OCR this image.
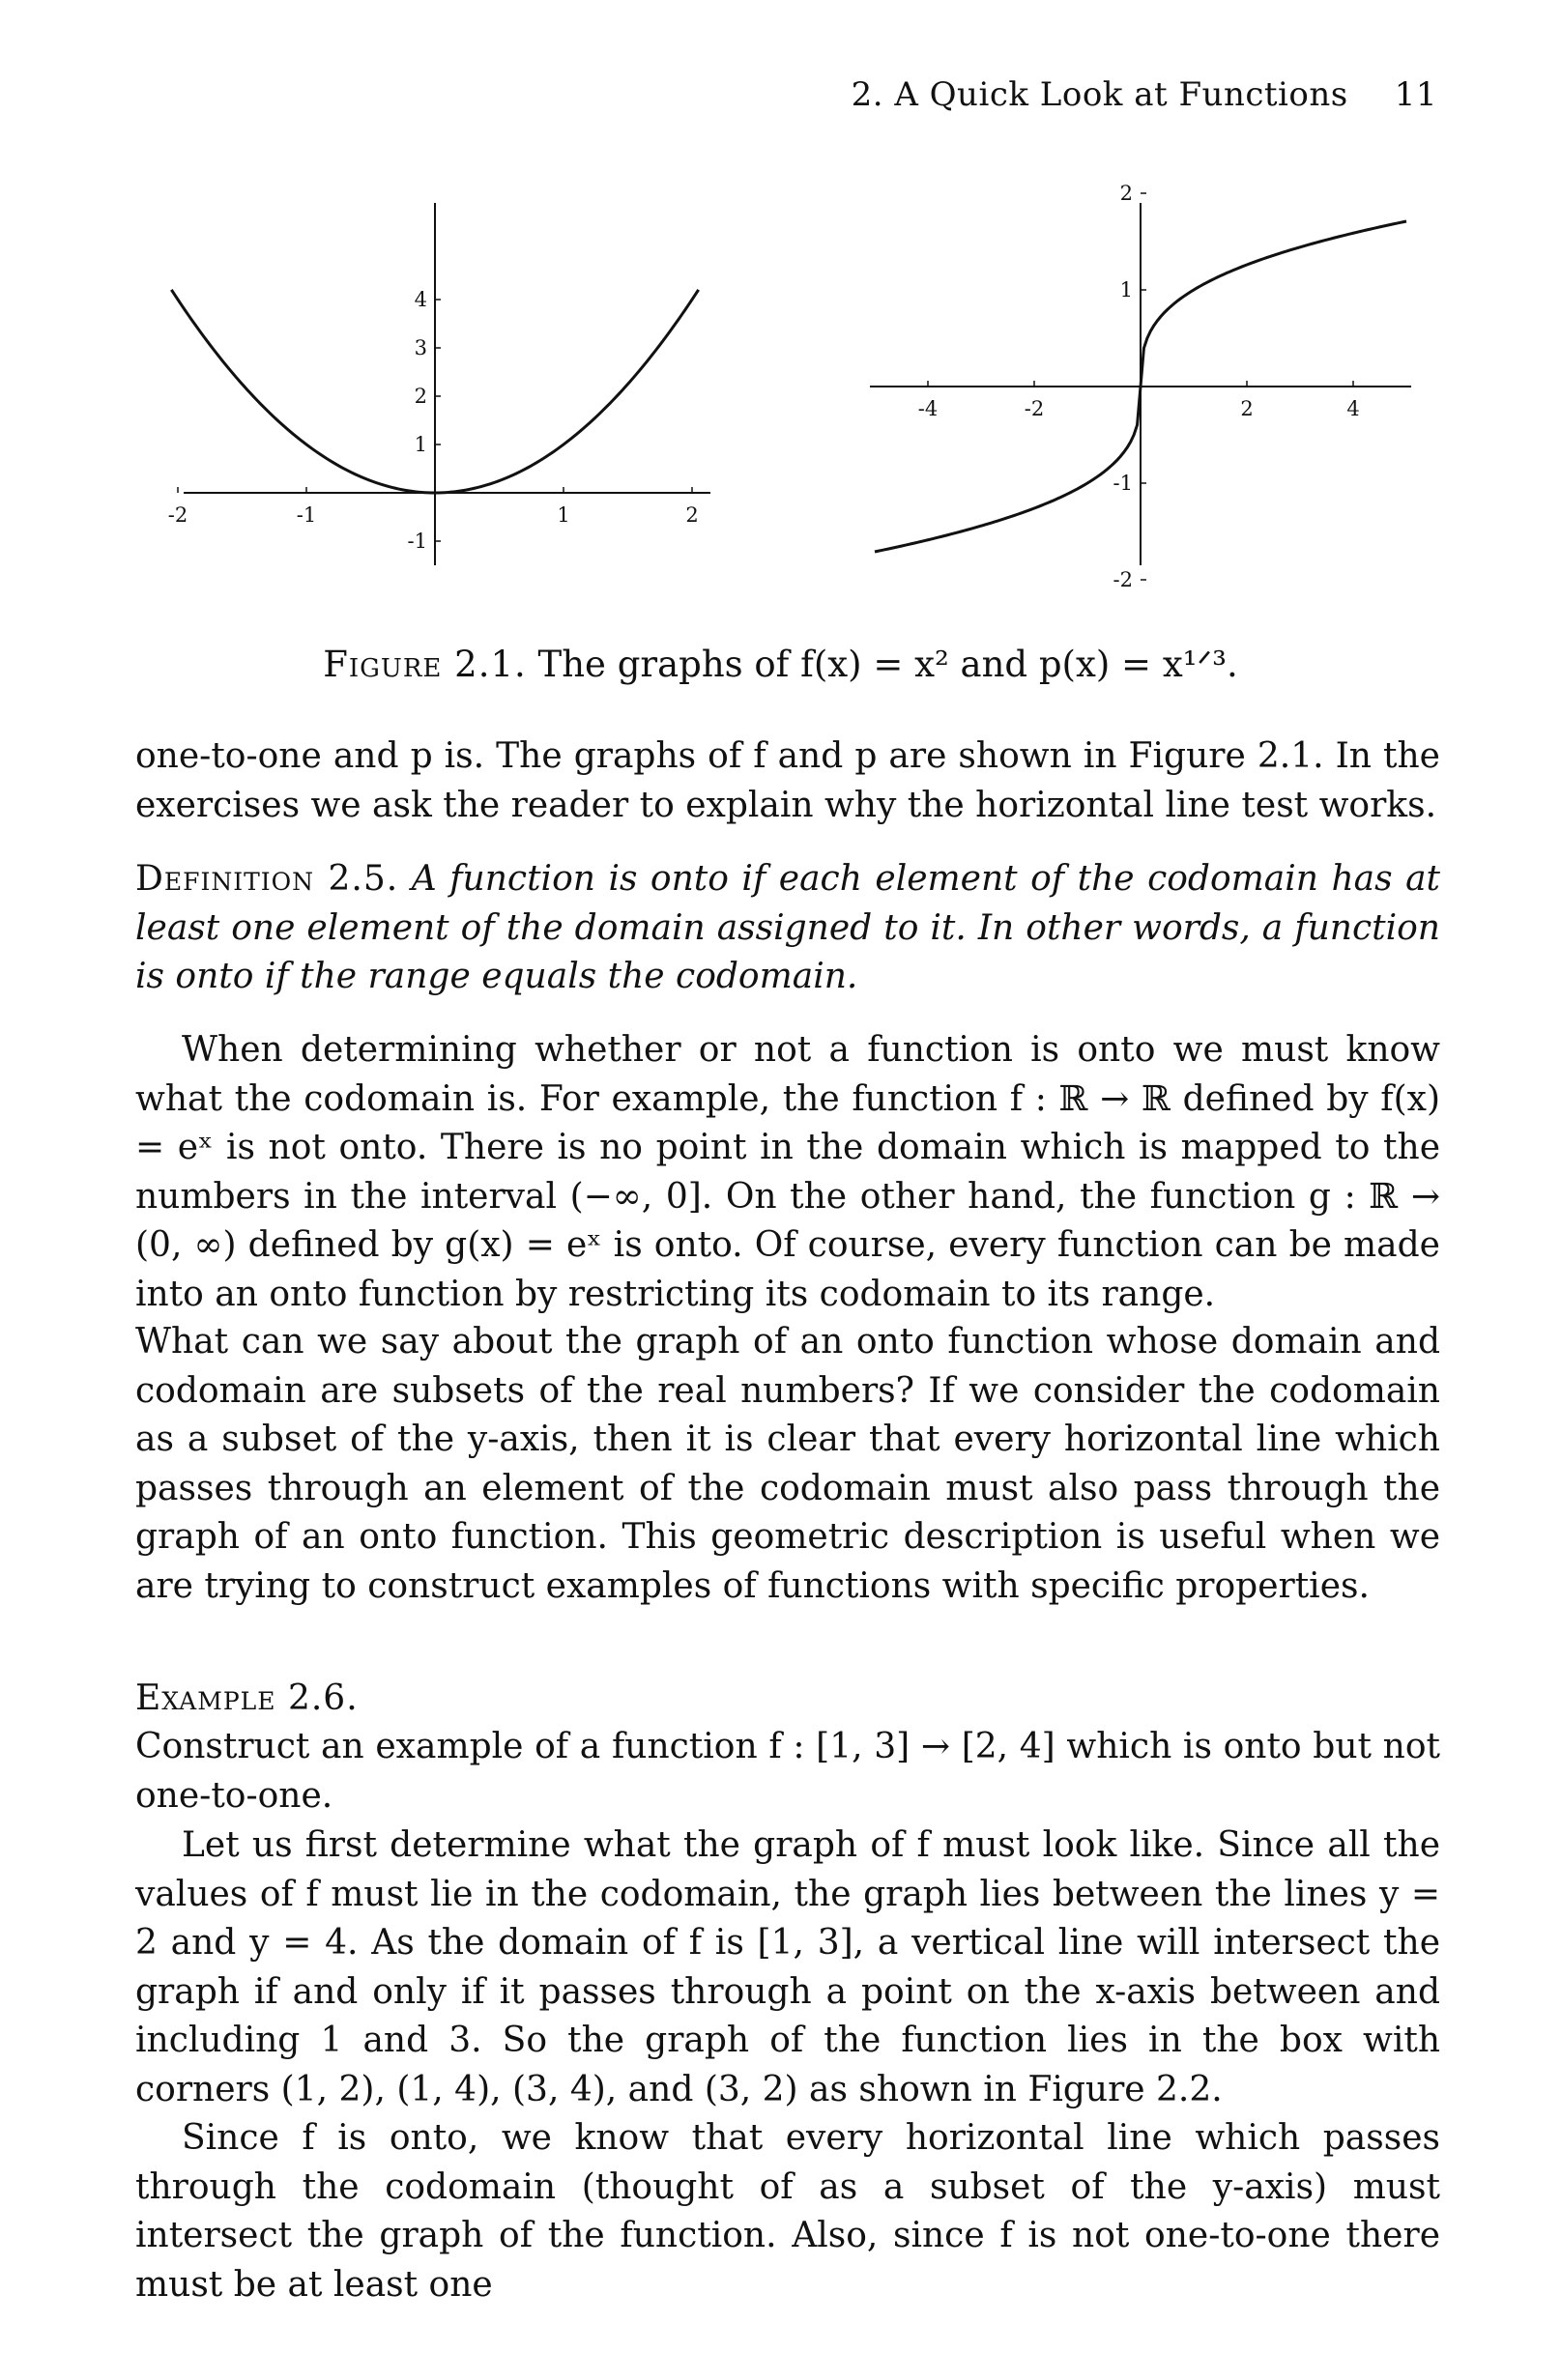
2. A Quick Look at Functions 11
-2	-1	1	2
4
3
2
1
-1
-4	-2	2	4
2
1
-1
-2

Figure 2.1. The graphs of f(x) = x² and p(x) = x¹ᐟ³.

one-to-one and p is. The graphs of f and p are shown in Figure 2.1. In the exercises we ask the reader to explain why the horizontal line test works.

Definition 2.5. A function is onto if each element of the codomain has at least one element of the domain assigned to it. In other words, a function is onto if the range equals the codomain.

When determining whether or not a function is onto we must know what the codomain is. For example, the function f : ℝ → ℝ defined by f(x) = eˣ is not onto. There is no point in the domain which is mapped to the numbers in the interval (−∞, 0]. On the other hand, the function g : ℝ → (0, ∞) defined by g(x) = eˣ is onto. Of course, every function can be made into an onto function by restricting its codomain to its range.

What can we say about the graph of an onto function whose domain and codomain are subsets of the real numbers? If we consider the codomain as a subset of the y-axis, then it is clear that every horizontal line which passes through an element of the codomain must also pass through the graph of an onto function. This geometric description is useful when we are trying to construct examples of functions with specific properties.

Example 2.6.

Construct an example of a function f : [1, 3] → [2, 4] which is onto but not one-to-one.

Let us first determine what the graph of f must look like. Since all the values of f must lie in the codomain, the graph lies between the lines y = 2 and y = 4. As the domain of f is [1, 3], a vertical line will intersect the graph if and only if it passes through a point on the x-axis between and including 1 and 3. So the graph of the function lies in the box with corners (1, 2), (1, 4), (3, 4), and (3, 2) as shown in Figure 2.2.

Since f is onto, we know that every horizontal line which passes through the codomain (thought of as a subset of the y-axis) must intersect the graph of the function. Also, since f is not one-to-one there must be at least one
